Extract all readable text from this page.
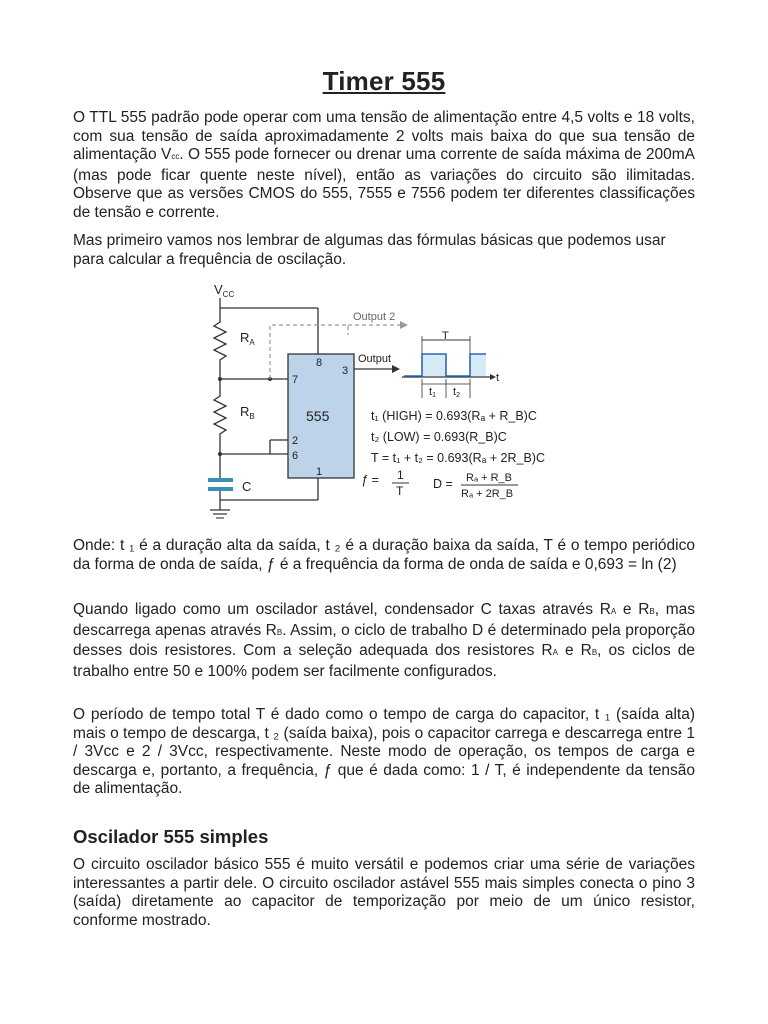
Timer 555

O TTL 555 padrão pode operar com uma tensão de alimentação entre 4,5 volts e 18 volts, com sua tensão de saída aproximadamente 2 volts mais baixa do que sua tensão de alimentação Vcc. O 555 pode fornecer ou drenar uma corrente de saída máxima de 200mA (mas pode ficar quente neste nível), então as variações do circuito são ilimitadas. Observe que as versões CMOS do 555, 7555 e 7556 podem ter diferentes classificações de tensão e corrente.

Mas primeiro vamos nos lembrar de algumas das fórmulas básicas que podemos usar para calcular a frequência de oscilação.

$V_{CC}$
$R_A$
Output 2
$R_B$
C
555
8
7
3
2
6
1
Output
t
T
t1 t2
t₁ (HIGH) = 0.693(Rₐ + R_B)C
t₂ (LOW) = 0.693(R_B)C
T = t₁ + t₂ = 0.693(Rₐ + 2R_B)C
ƒ = 1
T D = Rₐ + R_B
Rₐ + 2R_B

Onde: t ₁ é a duração alta da saída, t ₂ é a duração baixa da saída, T é o tempo periódico da forma de onda de saída, ƒ é a frequência da forma de onda de saída e 0,693 = ln (2)

Quando ligado como um oscilador astável, condensador C taxas através RA e RB, mas descarrega apenas através RB. Assim, o ciclo de trabalho D é determinado pela proporção desses dois resistores. Com a seleção adequada dos resistores RA e RB, os ciclos de trabalho entre 50 e 100% podem ser facilmente configurados.

O período de tempo total T é dado como o tempo de carga do capacitor, t ₁ (saída alta) mais o tempo de descarga, t ₂ (saída baixa), pois o capacitor carrega e descarrega entre 1 / 3Vcc e 2 / 3Vcc, respectivamente. Neste modo de operação, os tempos de carga e descarga e, portanto, a frequência, ƒ que é dada como: 1 / T, é independente da tensão de alimentação.

Oscilador 555 simples

O circuito oscilador básico 555 é muito versátil e podemos criar uma série de variações interessantes a partir dele. O circuito oscilador astável 555 mais simples conecta o pino 3 (saída) diretamente ao capacitor de temporização por meio de um único resistor, conforme mostrado.
